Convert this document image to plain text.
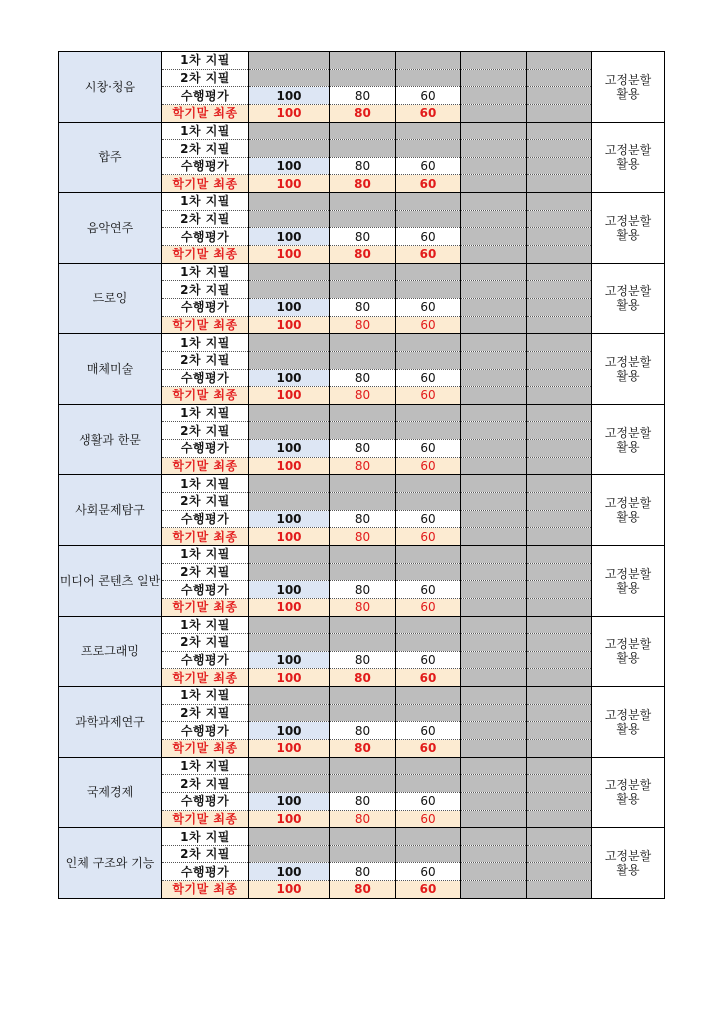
시창·청음	1차 지필						고정분할
활용
	2차 지필						
	수행평가	100	80	60			
	학기말 최종	100	80	60			
합주	1차 지필						고정분할
활용
	2차 지필						
	수행평가	100	80	60			
	학기말 최종	100	80	60			
음악연주	1차 지필						고정분할
활용
	2차 지필						
	수행평가	100	80	60			
	학기말 최종	100	80	60			
드로잉	1차 지필						고정분할
활용
	2차 지필						
	수행평가	100	80	60			
	학기말 최종	100	80	60			
매체미술	1차 지필						고정분할
활용
	2차 지필						
	수행평가	100	80	60			
	학기말 최종	100	80	60			
생활과 한문	1차 지필						고정분할
활용
	2차 지필						
	수행평가	100	80	60			
	학기말 최종	100	80	60			
사회문제탐구	1차 지필						고정분할
활용
	2차 지필						
	수행평가	100	80	60			
	학기말 최종	100	80	60			
미디어 콘텐츠 일반	1차 지필						고정분할
활용
	2차 지필						
	수행평가	100	80	60			
	학기말 최종	100	80	60			
프로그래밍	1차 지필						고정분할
활용
	2차 지필						
	수행평가	100	80	60			
	학기말 최종	100	80	60			
과학과제연구	1차 지필						고정분할
활용
	2차 지필						
	수행평가	100	80	60			
	학기말 최종	100	80	60			
국제경제	1차 지필						고정분할
활용
	2차 지필						
	수행평가	100	80	60			
	학기말 최종	100	80	60			
인체 구조와 기능	1차 지필						고정분할
활용
	2차 지필						
	수행평가	100	80	60			
	학기말 최종	100	80	60			
